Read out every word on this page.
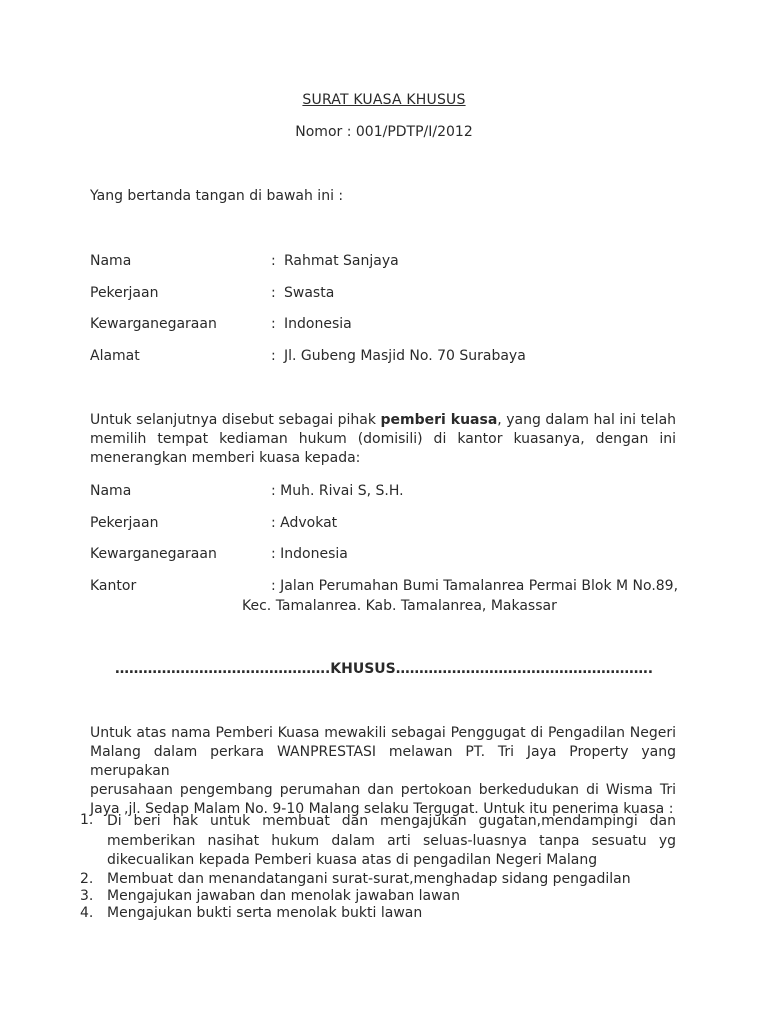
SURAT KUASA KHUSUS
Nomor : 001/PDTP/I/2012
Yang bertanda tangan di bawah ini :
Nama	: Rahmat Sanjaya
Pekerjaan	: Swasta
Kewarganegaraan	: Indonesia
Alamat	: Jl. Gubeng Masjid No. 70 Surabaya
Untuk selanjutnya disebut sebagai pihak pemberi kuasa, yang dalam hal ini telah
memilih tempat kediaman hukum (domisili) di kantor kuasanya, dengan ini
menerangkan memberi kuasa kepada:
Nama	: Muh. Rivai S, S.H.
Pekerjaan	: Advokat
Kewarganegaraan	: Indonesia
Kantor	: Jalan Perumahan Bumi Tamalanrea Permai Blok M No.89,
Kec. Tamalanrea. Kab. Tamalanrea, Makassar
……………………………………….KHUSUS……………………………………………….
Untuk atas nama Pemberi Kuasa mewakili sebagai Penggugat di Pengadilan Negeri
Malang dalam perkara WANPRESTASI melawan PT. Tri Jaya Property yang merupakan
perusahaan pengembang perumahan dan pertokoan berkedudukan di Wisma Tri
Jaya ,jl. Sedap Malam No. 9-10 Malang selaku Tergugat. Untuk itu penerima kuasa :
1. Di beri hak untuk membuat dan mengajukan gugatan,mendampingi dan
memberikan nasihat hukum dalam arti seluas-luasnya tanpa sesuatu yg
dikecualikan kepada Pemberi kuasa atas di pengadilan Negeri Malang
2. Membuat dan menandatangani surat-surat,menghadap sidang pengadilan
3. Mengajukan jawaban dan menolak jawaban lawan
4. Mengajukan bukti serta menolak bukti lawan
